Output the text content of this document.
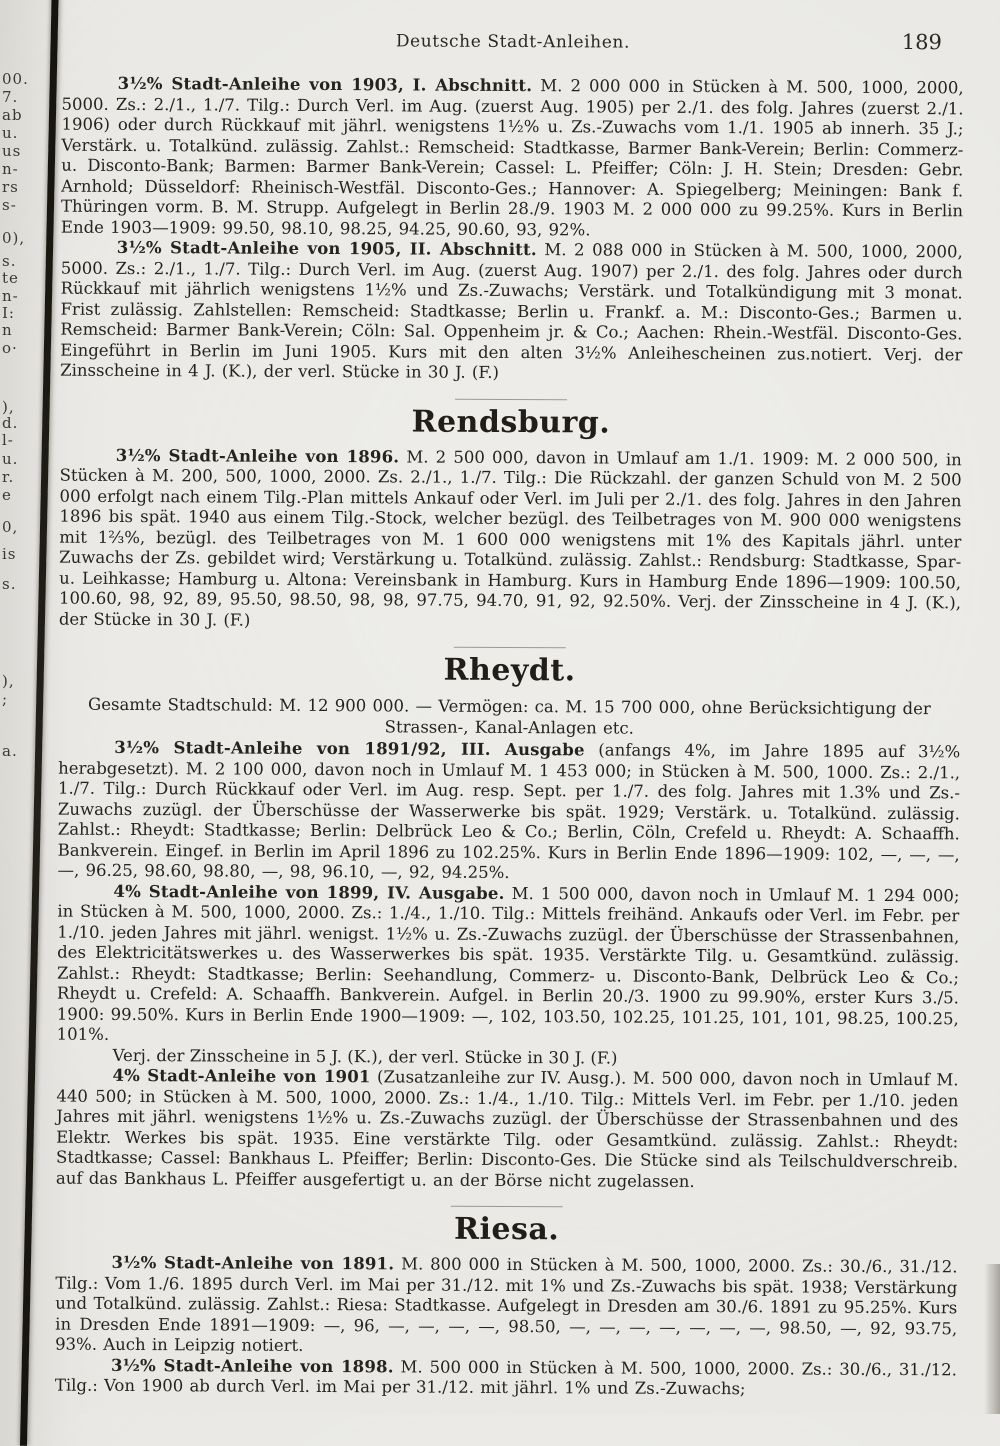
00.
7.
ab
u.
us
n-
rs
s-
0),
s.
te
n-
I:
n
o·
),
d.
l-
u.
r.
e
0,
is
s.
),
;
a.
Deutsche Stadt-Anleihen.	189

3½% Stadt-Anleihe von 1903, I. Abschnitt. M. 2 000 000 in Stücken à M. 500, 1000, 2000, 5000. Zs.: 2./1., 1./7. Tilg.: Durch Verl. im Aug. (zuerst Aug. 1905) per 2./1. des folg. Jahres (zuerst 2./1. 1906) oder durch Rückkauf mit jährl. wenigstens 1½% u. Zs.-Zuwachs vom 1./1. 1905 ab innerh. 35 J.; Verstärk. u. Totalkünd. zulässig. Zahlst.: Remscheid: Stadtkasse, Barmer Bank-Verein; Berlin: Commerz- u. Disconto-Bank; Barmen: Barmer Bank-Verein; Cassel: L. Pfeiffer; Cöln: J. H. Stein; Dresden: Gebr. Arnhold; Düsseldorf: Rheinisch-Westfäl. Disconto-Ges.; Hannover: A. Spiegelberg; Meiningen: Bank f. Thüringen vorm. B. M. Strupp. Aufgelegt in Berlin 28./9. 1903 M. 2 000 000 zu 99.25%. Kurs in Berlin Ende 1903—1909: 99.50, 98.10, 98.25, 94.25, 90.60, 93, 92%.

3½% Stadt-Anleihe von 1905, II. Abschnitt. M. 2 088 000 in Stücken à M. 500, 1000, 2000, 5000. Zs.: 2./1., 1./7. Tilg.: Durch Verl. im Aug. (zuerst Aug. 1907) per 2./1. des folg. Jahres oder durch Rückkauf mit jährlich wenigstens 1½% und Zs.-Zuwachs; Verstärk. und Totalkündigung mit 3 monat. Frist zulässig. Zahlstellen: Remscheid: Stadtkasse; Berlin u. Frankf. a. M.: Disconto-Ges.; Barmen u. Remscheid: Barmer Bank-Verein; Cöln: Sal. Oppenheim jr. & Co.; Aachen: Rhein.-Westfäl. Disconto-Ges. Eingeführt in Berlin im Juni 1905. Kurs mit den alten 3½% Anleihescheinen zus.notiert. Verj. der Zinsscheine in 4 J. (K.), der verl. Stücke in 30 J. (F.)

Rendsburg.

3½% Stadt-Anleihe von 1896. M. 2 500 000, davon in Umlauf am 1./1. 1909: M. 2 000 500, in Stücken à M. 200, 500, 1000, 2000. Zs. 2./1., 1./7. Tilg.: Die Rückzahl. der ganzen Schuld von M. 2 500 000 erfolgt nach einem Tilg.-Plan mittels Ankauf oder Verl. im Juli per 2./1. des folg. Jahres in den Jahren 1896 bis spät. 1940 aus einem Tilg.-Stock, welcher bezügl. des Teilbetrages von M. 900 000 wenigstens mit 1⅔%, bezügl. des Teilbetrages von M. 1 600 000 wenigstens mit 1% des Kapitals jährl. unter Zuwachs der Zs. gebildet wird; Verstärkung u. Totalkünd. zulässig. Zahlst.: Rendsburg: Stadtkasse, Spar- u. Leihkasse; Hamburg u. Altona: Vereinsbank in Hamburg. Kurs in Hamburg Ende 1896—1909: 100.50, 100.60, 98, 92, 89, 95.50, 98.50, 98, 98, 97.75, 94.70, 91, 92, 92.50%. Verj. der Zinsscheine in 4 J. (K.), der Stücke in 30 J. (F.)

Rheydt.

Gesamte Stadtschuld: M. 12 900 000. — Vermögen: ca. M. 15 700 000, ohne Berücksichtigung der Strassen-, Kanal-Anlagen etc.

3½% Stadt-Anleihe von 1891/92, III. Ausgabe (anfangs 4%, im Jahre 1895 auf 3½% herabgesetzt). M. 2 100 000, davon noch in Umlauf M. 1 453 000; in Stücken à M. 500, 1000. Zs.: 2./1., 1./7. Tilg.: Durch Rückkauf oder Verl. im Aug. resp. Sept. per 1./7. des folg. Jahres mit 1.3% und Zs.-Zuwachs zuzügl. der Überschüsse der Wasserwerke bis spät. 1929; Verstärk. u. Totalkünd. zulässig. Zahlst.: Rheydt: Stadtkasse; Berlin: Delbrück Leo & Co.; Berlin, Cöln, Crefeld u. Rheydt: A. Schaaffh. Bankverein. Eingef. in Berlin im April 1896 zu 102.25%. Kurs in Berlin Ende 1896—1909: 102, —, —, —, —, 96.25, 98.60, 98.80, —, 98, 96.10, —, 92, 94.25%.

4% Stadt-Anleihe von 1899, IV. Ausgabe. M. 1 500 000, davon noch in Umlauf M. 1 294 000; in Stücken à M. 500, 1000, 2000. Zs.: 1./4., 1./10. Tilg.: Mittels freihänd. Ankaufs oder Verl. im Febr. per 1./10. jeden Jahres mit jährl. wenigst. 1½% u. Zs.-Zuwachs zuzügl. der Überschüsse der Strassenbahnen, des Elektricitätswerkes u. des Wasserwerkes bis spät. 1935. Verstärkte Tilg. u. Gesamtkünd. zulässig. Zahlst.: Rheydt: Stadtkasse; Berlin: Seehandlung, Commerz- u. Disconto-Bank, Delbrück Leo & Co.; Rheydt u. Crefeld: A. Schaaffh. Bankverein. Aufgel. in Berlin 20./3. 1900 zu 99.90%, erster Kurs 3./5. 1900: 99.50%. Kurs in Berlin Ende 1900—1909: —, 102, 103.50, 102.25, 101.25, 101, 101, 98.25, 100.25, 101%.

Verj. der Zinsscheine in 5 J. (K.), der verl. Stücke in 30 J. (F.)

4% Stadt-Anleihe von 1901 (Zusatzanleihe zur IV. Ausg.). M. 500 000, davon noch in Umlauf M. 440 500; in Stücken à M. 500, 1000, 2000. Zs.: 1./4., 1./10. Tilg.: Mittels Verl. im Febr. per 1./10. jeden Jahres mit jährl. wenigstens 1½% u. Zs.-Zuwachs zuzügl. der Überschüsse der Strassenbahnen und des Elektr. Werkes bis spät. 1935. Eine verstärkte Tilg. oder Gesamtkünd. zulässig. Zahlst.: Rheydt: Stadtkasse; Cassel: Bankhaus L. Pfeiffer; Berlin: Disconto-Ges. Die Stücke sind als Teilschuldverschreib. auf das Bankhaus L. Pfeiffer ausgefertigt u. an der Börse nicht zugelassen.

Riesa.

3½% Stadt-Anleihe von 1891. M. 800 000 in Stücken à M. 500, 1000, 2000. Zs.: 30./6., 31./12. Tilg.: Vom 1./6. 1895 durch Verl. im Mai per 31./12. mit 1% und Zs.-Zuwachs bis spät. 1938; Verstärkung und Totalkünd. zulässig. Zahlst.: Riesa: Stadtkasse. Aufgelegt in Dresden am 30./6. 1891 zu 95.25%. Kurs in Dresden Ende 1891—1909: —, 96, —, —, —, —, 98.50, —, —, —, —, —, —, —, 98.50, —, 92, 93.75, 93%. Auch in Leipzig notiert.

3½% Stadt-Anleihe von 1898. M. 500 000 in Stücken à M. 500, 1000, 2000. Zs.: 30./6., 31./12. Tilg.: Von 1900 ab durch Verl. im Mai per 31./12. mit jährl. 1% und Zs.-Zuwachs;
